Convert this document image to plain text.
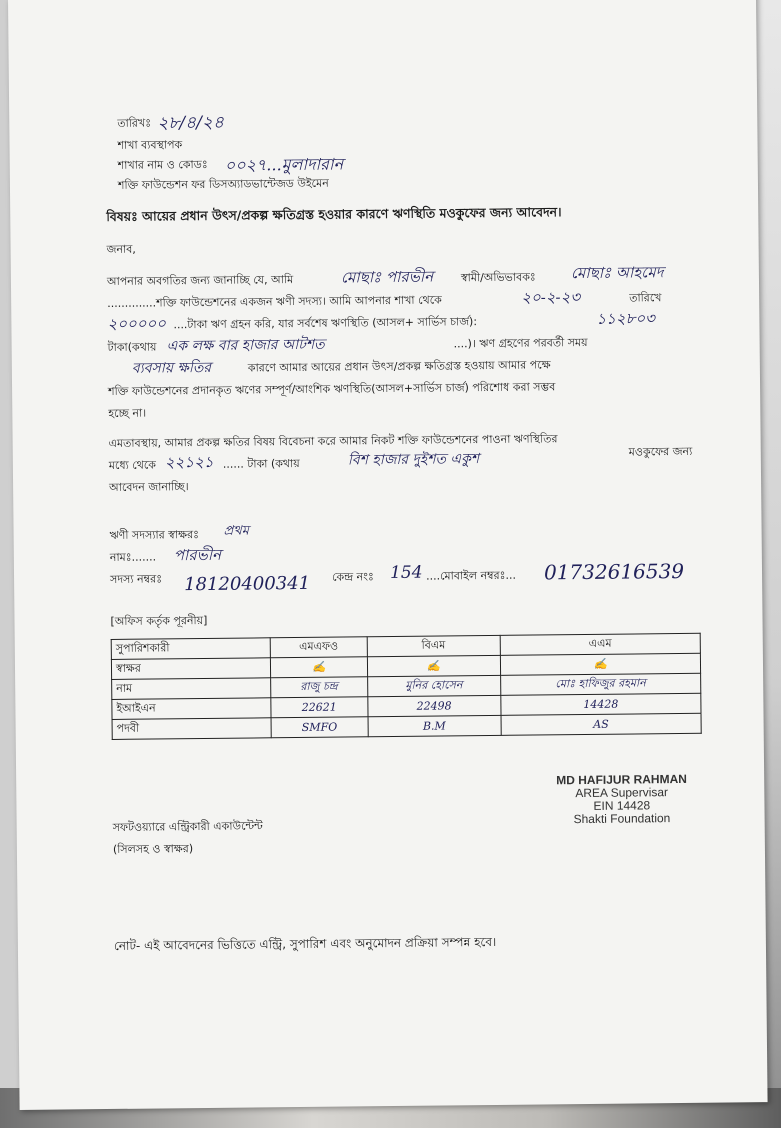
তারিখঃ ২৮/৪/২৪
শাখা ব্যবস্থাপক
শাখার নাম ও কোডঃ ০০২৭...মুলাদারান
শক্তি ফাউন্ডেশন ফর ডিসঅ্যাডভান্টেজড উইমেন
বিষয়ঃ আয়ের প্রধান উৎস/প্রকল্প ক্ষতিগ্রস্ত হওয়ার কারণে ঋণস্থিতি মওকুফের জন্য আবেদন।
জনাব,
আপনার অবগতির জন্য জানাচ্ছি যে, আমি	মোছাঃ পারভীন	স্বামী/অভিভাবকঃ মোছাঃ আহমেদ
..............শক্তি ফাউন্ডেশনের একজন ঋণী সদস্য। আমি আপনার শাখা থেকে	২০-২-২৩	তারিখে
২০০০০০ ....টাকা ঋণ গ্রহন করি, যার সর্বশেষ ঋণস্থিতি (আসল+ সার্ভিস চার্জ):	১১২৮০৩
টাকা(কথায় এক লক্ষ বার হাজার আটশত	....)। ঋণ গ্রহণের পরবর্তী সময়
ব্যবসায় ক্ষতির	কারণে আমার আয়ের প্রধান উৎস/প্রকল্প ক্ষতিগ্রস্ত হওয়ায় আমার পক্ষে
শক্তি ফাউন্ডেশনের প্রদানকৃত ঋণের সম্পূর্ণ/আংশিক ঋণস্থিতি(আসল+সার্ভিস চার্জ) পরিশোধ করা সম্ভব
হচ্ছে না।
এমতাবস্থায়, আমার প্রকল্প ক্ষতির বিষয় বিবেচনা করে আমার নিকট শক্তি ফাউন্ডেশনের পাওনা ঋণস্থিতির
মধ্যে থেকে ২২১২১ ...... টাকা (কথায়	বিশ হাজার দুইশত একুশ	মওকুফের জন্য
আবেদন জানাচ্ছি।
ঋণী সদস্যার স্বাক্ষরঃ প্রথম
নামঃ....... পারভীন
সদস্য নম্বরঃ 18120400341 কেন্দ্র নংঃ 154 ....মোবাইল নম্বরঃ... 01732616539
[অফিস কর্তৃক পূরনীয়]
সুপারিশকারী	এমএফও	বিএম	এএম
স্বাক্ষর	✍	✍	✍
নাম	রাজু চন্দ্র	মুনির হোসেন	মোঃ হাফিজুর রহমান
ইআইএন	22621	22498	14428
পদবী	SMFO	B.M	AS
MD HAFIJUR RAHMAN
AREA Supervisar
EIN 14428
Shakti Foundation
সফটওয়্যারে এন্ট্রিকারী একাউন্টেন্ট
(সিলসহ ও স্বাক্ষর)
নোট- এই আবেদনের ভিত্তিতে এন্ট্রি, সুপারিশ এবং অনুমোদন প্রক্রিয়া সম্পন্ন হবে।
